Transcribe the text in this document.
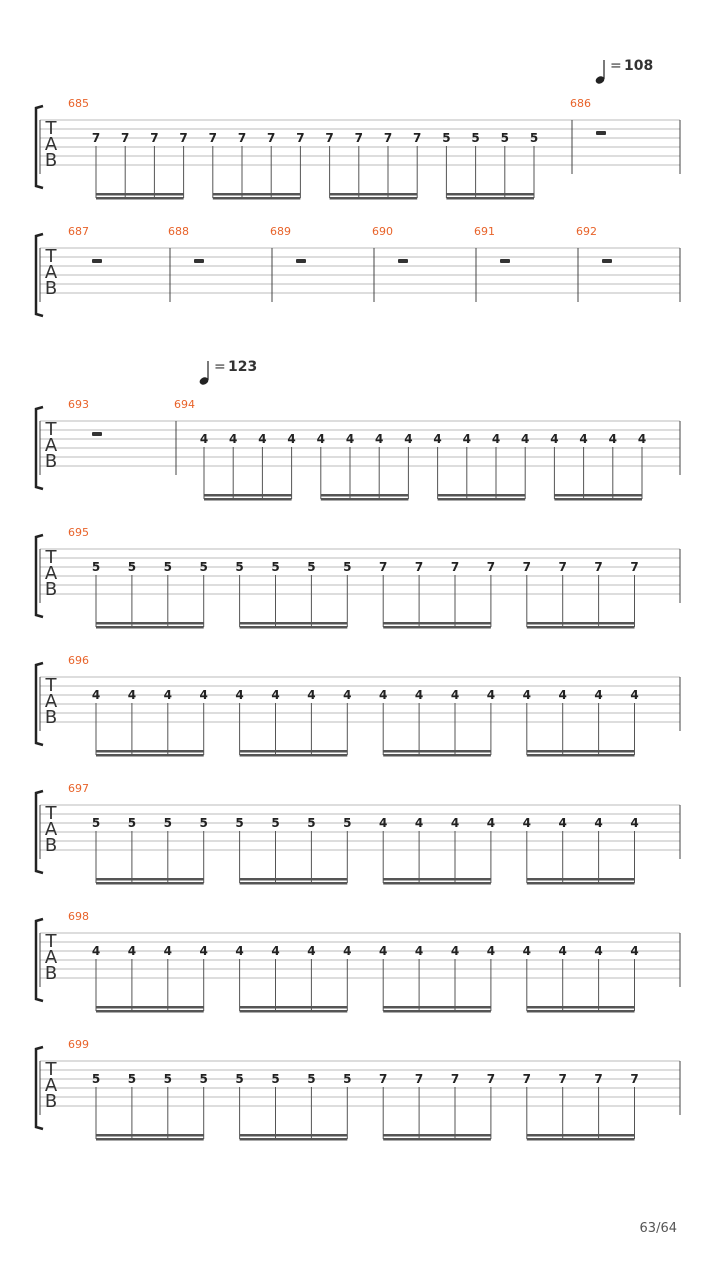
T
A
B
685
7 7 7 7 7 7 7 7 7 7 7 7 5 5 5 5
686
T
A
B
687	688	689	690	691	692
T
A
B
693	694
4 4 4 4 4 4 4 4 4 4 4 4 4 4 4 4
T
A
B
695
5 5 5 5 5 5 5 5 7 7 7 7 7 7 7 7
T
A
B
696
4 4 4 4 4 4 4 4 4 4 4 4 4 4 4 4
T
A
B
697
5 5 5 5 5 5 5 5 4 4 4 4 4 4 4 4
T
A
B
698
4 4 4 4 4 4 4 4 4 4 4 4 4 4 4 4
T
A
B
699
5 5 5 5 5 5 5 5 7 7 7 7 7 7 7 7
= 108
= 123
63/64
